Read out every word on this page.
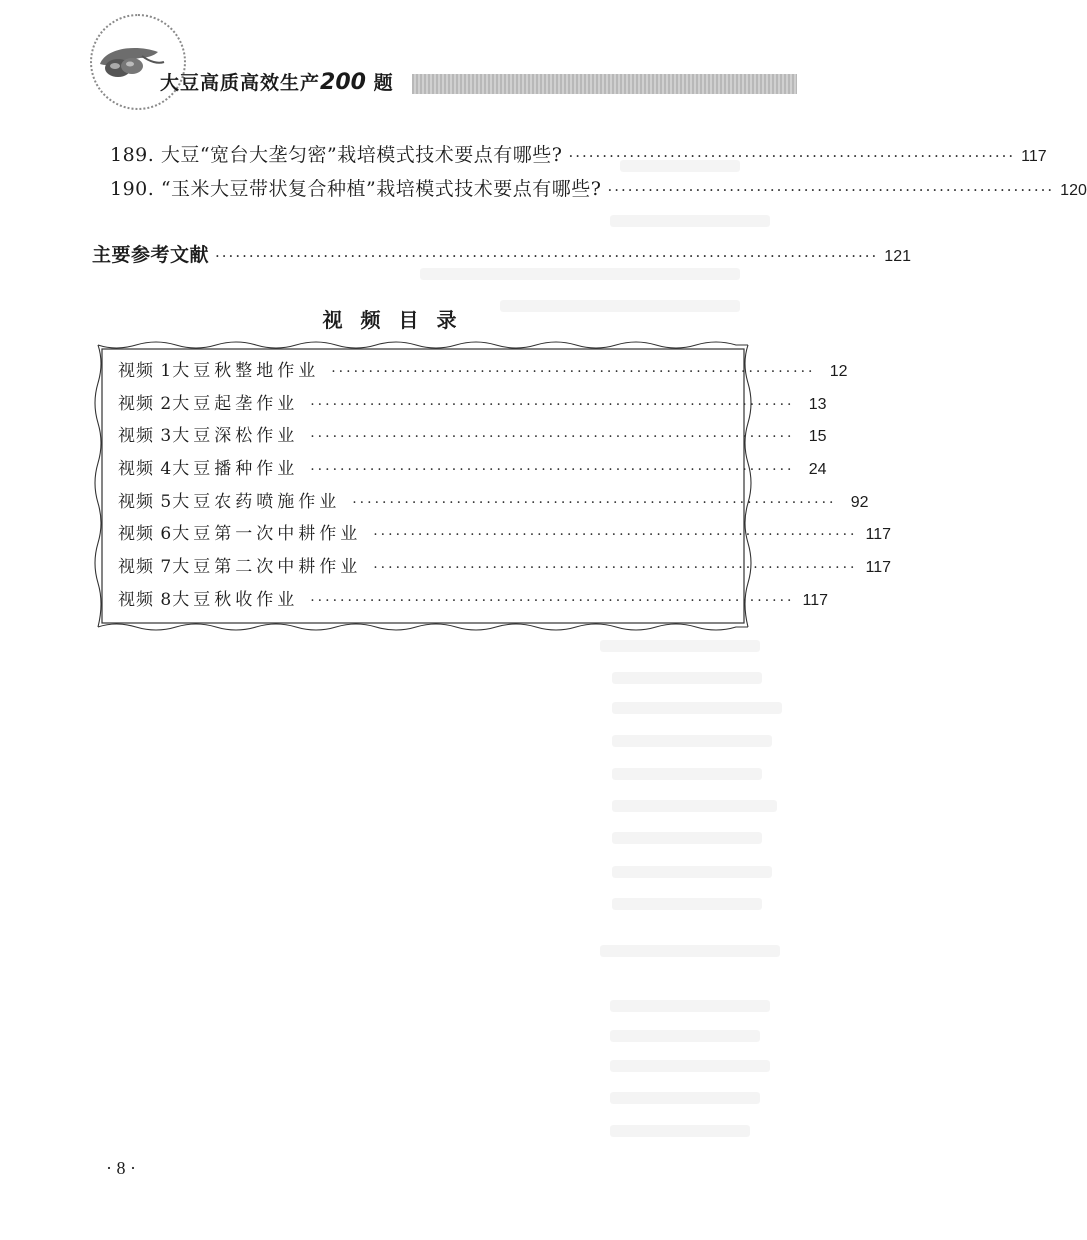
大豆高质高效生产200 题
189. 大豆“宽台大垄匀密”栽培模式技术要点有哪些? ·································································· 117
190. “玉米大豆带状复合种植”栽培模式技术要点有哪些? ·································································· 120
主要参考文献 ·································································································· 121
视频目录
视频 1 大豆秋整地作业 ································································· 12
视频 2 大豆起垄作业 ································································· 13
视频 3 大豆深松作业 ································································· 15
视频 4 大豆播种作业 ································································· 24
视频 5 大豆农药喷施作业 ································································· 92
视频 6 大豆第一次中耕作业 ································································· 117
视频 7 大豆第二次中耕作业 ································································· 117
视频 8 大豆秋收作业 ································································· 117
· 8 ·
